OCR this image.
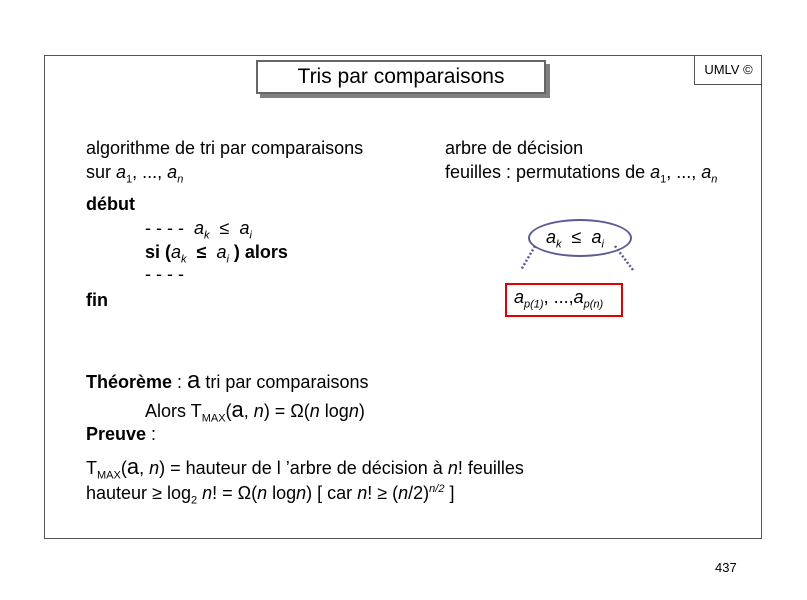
Tris par comparaisons	UMLV ©
algorithme de tri par comparaisons
sur $a_1$, ..., $a_n$
début
- - - - $a_k \le a_i$
si ($a_k \le a_i$ ) alors
- - - -
fin
arbre de décision
feuilles : permutations de $a_1$, ..., $a_n$
$a_k \le a_i$
$a_{p(1)}$, $...,a_{p(n)}$
Théorème : a tri par comparaisons
Alors $T_{MAX}(a$, n) = Ω(n logn)
Preuve :
$T_{MAX}(a$, n) = hauteur de l ’arbre de décision à n! feuilles
hauteur ≥ $\log_2 n$! = Ω(n logn) [ car n! ≥ $(n/2)^{n/2}$ ]
437
